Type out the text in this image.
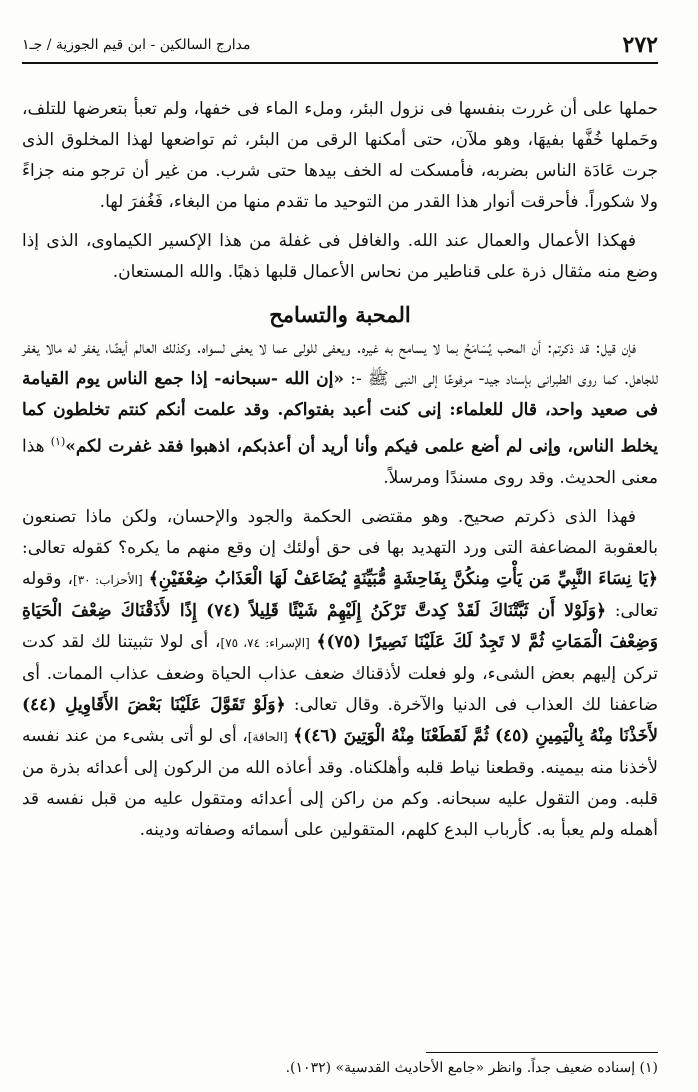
٢٧٢
مدارج السالكين - ابن قيم الجوزية / جـ١

حملها على أن غررت بنفسها فى نزول البئر، وملء الماء فى خفها، ولم تعبأ بتعرضها للتلف، وحَملها خُفَّها بفيهَا، وهو ملآن، حتى أمكنها الرقى من البئر، ثم تواضعها لهذا المخلوق الذى جرت عَادَة الناس بضربه، فأمسكت له الخف بيدها حتى شرب. من غير أن ترجو منه جزاءً ولا شكوراً. فأحرقت أنوار هذا القدر من التوحيد ما تقدم منها من البغاء، فَغُفرَ لها.

فهكذا الأعمال والعمال عند الله. والغافل فى غفلة من هذا الإكسير الكيماوى، الذى إذا وضع منه مثقال ذرة على قناطير من نحاس الأعمال قلبها ذهبًا. والله المستعان.

المحبة والتسامح

فإن قيل: قد ذكرتم: أن المحب يُسَامَحُ بما لا يسامح به غيره. ويعفى للولى عما لا يعفى لسواه. وكذلك العالم أيضًا، يغفر له مالا يغفر للجاهل. كما روى الطبرانى بإسناد جيد- مرفوعًا إلى النبى ﷺ -: «إن الله -سبحانه- إذا جمع الناس يوم القيامة فى صعيد واحد، قال للعلماء: إنى كنت أعبد بفتواكم. وقد علمت أنكم كنتم تخلطون كما يخلط الناس، وإنى لم أضع علمى فيكم وأنا أريد أن أعذبكم، اذهبوا فقد غفرت لكم»$^{(١)}$ هذا معنى الحديث. وقد روى مسندًا ومرسلاً.

فهذا الذى ذكرتم صحيح. وهو مقتضى الحكمة والجود والإحسان، ولكن ماذا تصنعون بالعقوبة المضاعفة التى ورد التهديد بها فى حق أولئك إن وقع منهم ما يكره؟ كقوله تعالى: ﴿يَا نِسَاءَ النَّبِيِّ مَن يَأْتِ مِنكُنَّ بِفَاحِشَةٍ مُّبَيِّنَةٍ يُضَاعَفْ لَهَا الْعَذَابُ ضِعْفَيْنِ﴾ [الأحزاب: ٣٠]، وقوله تعالى: ﴿وَلَوْلا أَن ثَبَّتْنَاكَ لَقَدْ كِدتَّ تَرْكَنُ إِلَيْهِمْ شَيْئًا قَلِيلاً (٧٤) إِذًا لأَذَقْنَاكَ ضِعْفَ الْحَيَاةِ وَضِعْفَ الْمَمَاتِ ثُمَّ لا تَجِدُ لَكَ عَلَيْنَا نَصِيرًا (٧٥)﴾ [الإسراء: ٧٤، ٧٥]، أى لولا تثبيتنا لك لقد كدت تركن إليهم بعض الشىء، ولو فعلت لأذقناك ضعف عذاب الحياة وضعف عذاب الممات. أى ضاعفنا لك العذاب فى الدنيا والآخرة. وقال تعالى: ﴿وَلَوْ تَقَوَّلَ عَلَيْنَا بَعْضَ الأَقَاوِيلِ (٤٤) لأَخَذْنَا مِنْهُ بِالْيَمِينِ (٤٥) ثُمَّ لَقَطَعْنَا مِنْهُ الْوَتِينَ (٤٦)﴾ [الحاقة]، أى لو أتى بشىء من عند نفسه لأخذنا منه بيمينه. وقطعنا نياط قلبه وأهلكناه. وقد أعاذه الله من الركون إلى أعدائه بذرة من قلبه. ومن التقول عليه سبحانه. وكم من راكن إلى أعدائه ومتقول عليه من قبل نفسه قد أهمله ولم يعبأ به. كأرباب البدع كلهم، المتقولين على أسمائه وصفاته ودينه.

(١) إسناده ضعيف جداً. وانظر «جامع الأحاديث القدسية» (١٠٣٢).
